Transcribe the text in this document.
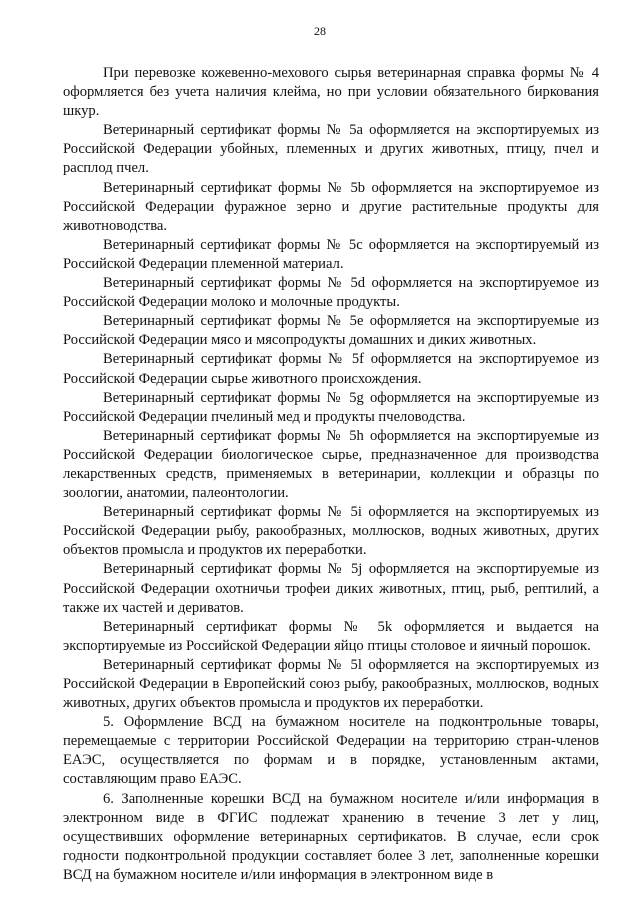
28

При перевозке кожевенно-мехового сырья ветеринарная справка формы № 4 оформляется без учета наличия клейма, но при условии обязательного биркования шкур.

Ветеринарный сертификат формы № 5a оформляется на экспортируемых из Российской Федерации убойных, племенных и других животных, птицу, пчел и расплод пчел.

Ветеринарный сертификат формы № 5b оформляется на экспортируемое из Российской Федерации фуражное зерно и другие растительные продукты для животноводства.

Ветеринарный сертификат формы № 5c оформляется на экспортируемый из Российской Федерации племенной материал.

Ветеринарный сертификат формы № 5d оформляется на экспортируемое из Российской Федерации молоко и молочные продукты.

Ветеринарный сертификат формы № 5e оформляется на экспортируемые из Российской Федерации мясо и мясопродукты домашних и диких животных.

Ветеринарный сертификат формы № 5f оформляется на экспортируемое из Российской Федерации сырье животного происхождения.

Ветеринарный сертификат формы № 5g оформляется на экспортируемые из Российской Федерации пчелиный мед и продукты пчеловодства.

Ветеринарный сертификат формы № 5h оформляется на экспортируемые из Российской Федерации биологическое сырье, предназначенное для производства лекарственных средств, применяемых в ветеринарии, коллекции и образцы по зоологии, анатомии, палеонтологии.

Ветеринарный сертификат формы № 5i оформляется на экспортируемых из Российской Федерации рыбу, ракообразных, моллюсков, водных животных, других объектов промысла и продуктов их переработки.

Ветеринарный сертификат формы № 5j оформляется на экспортируемые из Российской Федерации охотничьи трофеи диких животных, птиц, рыб, рептилий, а также их частей и дериватов.

Ветеринарный сертификат формы № 5k оформляется и выдается на экспортируемые из Российской Федерации яйцо птицы столовое и яичный порошок.

Ветеринарный сертификат формы № 5l оформляется на экспортируемых из Российской Федерации в Европейский союз рыбу, ракообразных, моллюсков, водных животных, других объектов промысла и продуктов их переработки.

5. Оформление ВСД на бумажном носителе на подконтрольные товары, перемещаемые с территории Российской Федерации на территорию стран-членов ЕАЭС, осуществляется по формам и в порядке, установленным актами, составляющим право ЕАЭС.

6. Заполненные корешки ВСД на бумажном носителе и/или информация в электронном виде в ФГИС подлежат хранению в течение 3 лет у лиц, осуществивших оформление ветеринарных сертификатов. В случае, если срок годности подконтрольной продукции составляет более 3 лет, заполненные корешки ВСД на бумажном носителе и/или информация в электронном виде в
